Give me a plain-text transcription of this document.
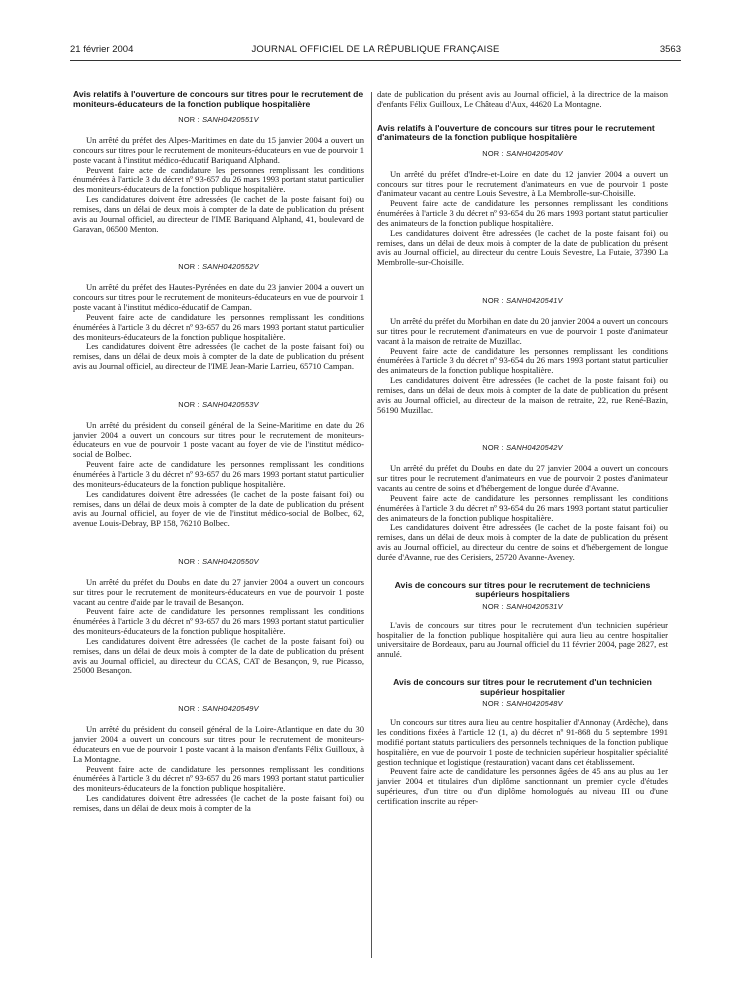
21 février 2004	JOURNAL OFFICIEL DE LA RÉPUBLIQUE FRANÇAISE	3563
Avis relatifs à l'ouverture de concours sur titres pour le recrutement de moniteurs-éducateurs de la fonction publique hospitalière
NOR : SANH0420551V

Un arrêté du préfet des Alpes-Maritimes en date du 15 janvier 2004 a ouvert un concours sur titres pour le recrutement de moniteurs-éducateurs en vue de pourvoir 1 poste vacant à l'institut médico-éducatif Bariquand Alphand.

Peuvent faire acte de candidature les personnes remplissant les conditions énumérées à l'article 3 du décret nº 93-657 du 26 mars 1993 portant statut particulier des moniteurs-éducateurs de la fonction publique hospitalière.

Les candidatures doivent être adressées (le cachet de la poste faisant foi) ou remises, dans un délai de deux mois à compter de la date de publication du présent avis au Journal officiel, au directeur de l'IME Bariquand Alphand, 41, boulevard de Garavan, 06500 Menton.

NOR : SANH0420552V

Un arrêté du préfet des Hautes-Pyrénées en date du 23 janvier 2004 a ouvert un concours sur titres pour le recrutement de moniteurs-éducateurs en vue de pourvoir 1 poste vacant à l'institut médico-éducatif de Campan.

Peuvent faire acte de candidature les personnes remplissant les conditions énumérées à l'article 3 du décret nº 93-657 du 26 mars 1993 portant statut particulier des moniteurs-éducateurs de la fonction publique hospitalière.

Les candidatures doivent être adressées (le cachet de la poste faisant foi) ou remises, dans un délai de deux mois à compter de la date de publication du présent avis au Journal officiel, au directeur de l'IME Jean-Marie Larrieu, 65710 Campan.

NOR : SANH0420553V

Un arrêté du président du conseil général de la Seine-Maritime en date du 26 janvier 2004 a ouvert un concours sur titres pour le recrutement de moniteurs-éducateurs en vue de pourvoir 1 poste vacant au foyer de vie de l'institut médico-social de Bolbec.

Peuvent faire acte de candidature les personnes remplissant les conditions énumérées à l'article 3 du décret nº 93-657 du 26 mars 1993 portant statut particulier des moniteurs-éducateurs de la fonction publique hospitalière.

Les candidatures doivent être adressées (le cachet de la poste faisant foi) ou remises, dans un délai de deux mois à compter de la date de publication du présent avis au Journal officiel, au foyer de vie de l'institut médico-social de Bolbec, 62, avenue Louis-Debray, BP 158, 76210 Bolbec.

NOR : SANH0420550V

Un arrêté du préfet du Doubs en date du 27 janvier 2004 a ouvert un concours sur titres pour le recrutement de moniteurs-éducateurs en vue de pourvoir 1 poste vacant au centre d'aide par le travail de Besançon.

Peuvent faire acte de candidature les personnes remplissant les conditions énumérées à l'article 3 du décret nº 93-657 du 26 mars 1993 portant statut particulier des moniteurs-éducateurs de la fonction publique hospitalière.

Les candidatures doivent être adressées (le cachet de la poste faisant foi) ou remises, dans un délai de deux mois à compter de la date de publication du présent avis au Journal officiel, au directeur du CCAS, CAT de Besançon, 9, rue Picasso, 25000 Besançon.

NOR : SANH0420549V

Un arrêté du président du conseil général de la Loire-Atlantique en date du 30 janvier 2004 a ouvert un concours sur titres pour le recrutement de moniteurs-éducateurs en vue de pourvoir 1 poste vacant à la maison d'enfants Félix Guilloux, à La Montagne.

Peuvent faire acte de candidature les personnes remplissant les conditions énumérées à l'article 3 du décret nº 93-657 du 26 mars 1993 portant statut particulier des moniteurs-éducateurs de la fonction publique hospitalière.

Les candidatures doivent être adressées (le cachet de la poste faisant foi) ou remises, dans un délai de deux mois à compter de la

date de publication du présent avis au Journal officiel, à la directrice de la maison d'enfants Félix Guilloux, Le Château d'Aux, 44620 La Montagne.

Avis relatifs à l'ouverture de concours sur titres pour le recrutement d'animateurs de la fonction publique hospitalière
NOR : SANH0420540V

Un arrêté du préfet d'Indre-et-Loire en date du 12 janvier 2004 a ouvert un concours sur titres pour le recrutement d'animateurs en vue de pourvoir 1 poste d'animateur vacant au centre Louis Sevestre, à La Membrolle-sur-Choisille.

Peuvent faire acte de candidature les personnes remplissant les conditions énumérées à l'article 3 du décret nº 93-654 du 26 mars 1993 portant statut particulier des animateurs de la fonction publique hospitalière.

Les candidatures doivent être adressées (le cachet de la poste faisant foi) ou remises, dans un délai de deux mois à compter de la date de publication du présent avis au Journal officiel, au directeur du centre Louis Sevestre, La Futaie, 37390 La Membrolle-sur-Choisille.

NOR : SANH0420541V

Un arrêté du préfet du Morbihan en date du 20 janvier 2004 a ouvert un concours sur titres pour le recrutement d'animateurs en vue de pourvoir 1 poste d'animateur vacant à la maison de retraite de Muzillac.

Peuvent faire acte de candidature les personnes remplissant les conditions énumérées à l'article 3 du décret nº 93-654 du 26 mars 1993 portant statut particulier des animateurs de la fonction publique hospitalière.

Les candidatures doivent être adressées (le cachet de la poste faisant foi) ou remises, dans un délai de deux mois à compter de la date de publication du présent avis au Journal officiel, au directeur de la maison de retraite, 22, rue René-Bazin, 56190 Muzillac.

NOR : SANH0420542V

Un arrêté du préfet du Doubs en date du 27 janvier 2004 a ouvert un concours sur titres pour le recrutement d'animateurs en vue de pourvoir 2 postes d'animateur vacants au centre de soins et d'hébergement de longue durée d'Avanne.

Peuvent faire acte de candidature les personnes remplissant les conditions énumérées à l'article 3 du décret nº 93-654 du 26 mars 1993 portant statut particulier des animateurs de la fonction publique hospitalière.

Les candidatures doivent être adressées (le cachet de la poste faisant foi) ou remises, dans un délai de deux mois à compter de la date de publication du présent avis au Journal officiel, au directeur du centre de soins et d'hébergement de longue durée d'Avanne, rue des Cerisiers, 25720 Avanne-Aveney.

Avis de concours sur titres pour le recrutement de techniciens supérieurs hospitaliers
NOR : SANH0420531V

L'avis de concours sur titres pour le recrutement d'un technicien supérieur hospitalier de la fonction publique hospitalière qui aura lieu au centre hospitalier universitaire de Bordeaux, paru au Journal officiel du 11 février 2004, page 2827, est annulé.

Avis de concours sur titres pour le recrutement d'un technicien supérieur hospitalier
NOR : SANH0420548V

Un concours sur titres aura lieu au centre hospitalier d'Annonay (Ardèche), dans les conditions fixées à l'article 12 (1, a) du décret nº 91-868 du 5 septembre 1991 modifié portant statuts particuliers des personnels techniques de la fonction publique hospitalière, en vue de pourvoir 1 poste de technicien supérieur hospitalier spécialité gestion technique et logistique (restauration) vacant dans cet établissement.

Peuvent faire acte de candidature les personnes âgées de 45 ans au plus au 1er janvier 2004 et titulaires d'un diplôme sanctionnant un premier cycle d'études supérieures, d'un titre ou d'un diplôme homologués au niveau III ou d'une certification inscrite au réper-
